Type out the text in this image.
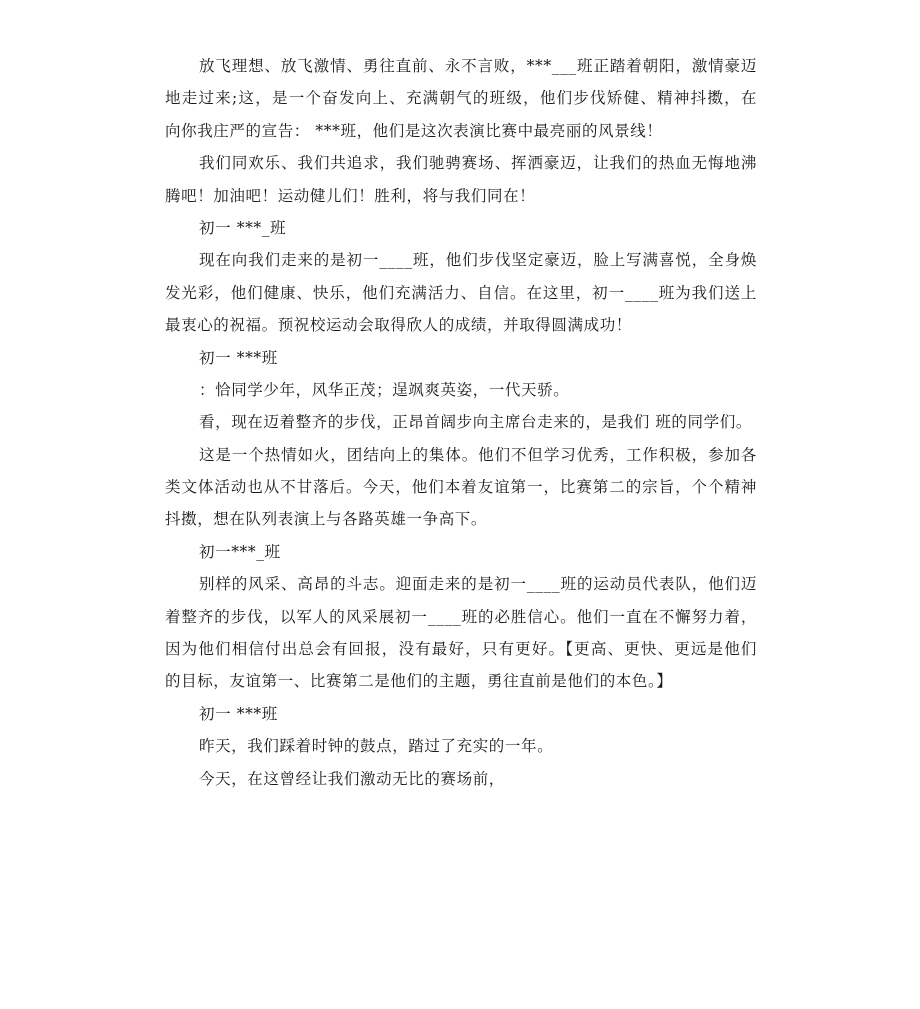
放飞理想、放飞激情、勇往直前、永不言败，***___班正踏着朝阳，激情豪迈
地走过来;这，是一个奋发向上、充满朝气的班级，他们步伐矫健、精神抖擞，在
向你我庄严的宣告： ***班，他们是这次表演比赛中最亮丽的风景线！
我们同欢乐、我们共追求，我们驰骋赛场、挥洒豪迈，让我们的热血无悔地沸
腾吧！加油吧！运动健儿们！胜利，将与我们同在！
初一 ***_班
现在向我们走来的是初一____班，他们步伐坚定豪迈，脸上写满喜悦，全身焕
发光彩，他们健康、快乐，他们充满活力、自信。在这里，初一____班为我们送上
最衷心的祝福。预祝校运动会取得欣人的成绩，并取得圆满成功！
初一 ***班
：恰同学少年，风华正茂；逞飒爽英姿，一代天骄。
看，现在迈着整齐的步伐，正昂首阔步向主席台走来的，是我们 班的同学们。
这是一个热情如火，团结向上的集体。他们不但学习优秀，工作积极，参加各
类文体活动也从不甘落后。今天，他们本着友谊第一，比赛第二的宗旨，个个精神
抖擞，想在队列表演上与各路英雄一争高下。
初一***_班
别样的风采、高昂的斗志。迎面走来的是初一____班的运动员代表队，他们迈
着整齐的步伐，以军人的风采展初一____班的必胜信心。他们一直在不懈努力着，
因为他们相信付出总会有回报，没有最好，只有更好。【更高、更快、更远是他们
的目标，友谊第一、比赛第二是他们的主题，勇往直前是他们的本色。】
初一 ***班
昨天，我们踩着时钟的鼓点，踏过了充实的一年。
今天，在这曾经让我们激动无比的赛场前，
